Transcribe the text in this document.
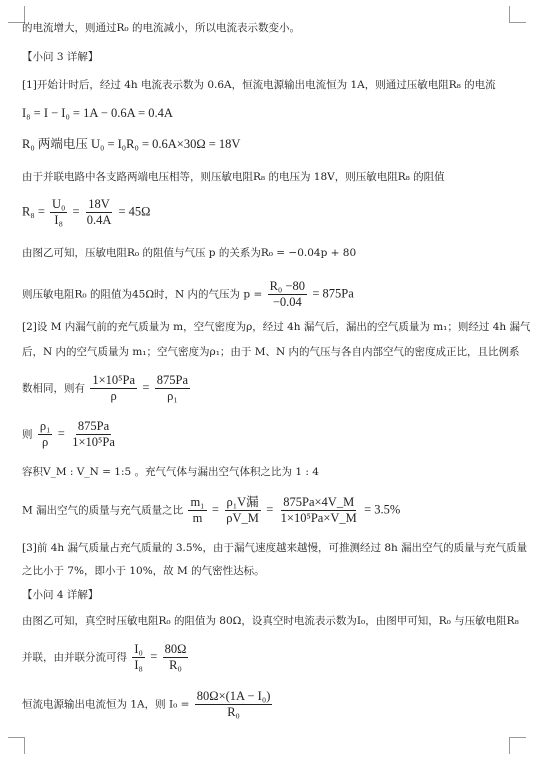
的电流增大，则通过R₀ 的电流减小，所以电流表示数变小。
【小问 3 详解】
[1]开始计时后，经过 4h 电流表示数为 0.6A，恒流电源输出电流恒为 1A，则通过压敏电阻R₈ 的电流
I₈ = I − I₀ = 1A − 0.6A = 0.4A
R₀ 两端电压 U₀ = I₀R₀ = 0.6A×30Ω = 18V
由于并联电路中各支路两端电压相等，则压敏电阻R₈ 的电压为 18V，则压敏电阻R₈ 的阻值
$R_8 = \frac{\text{U₀}}{\text{I₈}} = \frac{18V}{0.4A} = 45\Omega$
由图乙可知，压敏电阻R₀ 的阻值与气压 p 的关系为R₀ = −0.04p + 80
则压敏电阻R₀ 的阻值为45Ω时，N 内的气压为 $p = \frac{\text{R₀ −80}}{-0.04} = 875Pa$
[2]设 M 内漏气前的充气质量为 m，空气密度为ρ，经过 4h 漏气后，漏出的空气质量为 m₁；则经过 4h 漏气
后，N 内的空气质量为 m₁；空气密度为ρ₁；由于 M、N 内的气压与各自内部空气的密度成正比，且比例系
数相同，则有 $\frac{\text{1×10⁵Pa}}{\rho} = \frac{875Pa}{\text{ρ₁}}$
则 $\frac{\text{ρ₁}}{\rho} = \frac{875Pa}{\text{1×10⁵Pa}}$
容积V_M : V_N = 1:5 。充气气体与漏出空气体积之比为 1 : 4
M 漏出空气的质量与充气质量之比 $\frac{\text{m₁}}{m} = \frac{\text{ρ₁V漏}}{\rho V\_M} = \frac{875Pa\times 4V\_M}{\text{1×10⁵Pa×V\_M}} = 3.5\%$
[3]前 4h 漏气质量占充气质量的 3.5%，由于漏气速度越来越慢，可推测经过 8h 漏出空气的质量与充气质量
之比小于 7%，即小于 10%，故 M 的气密性达标。
【小问 4 详解】
由图乙可知，真空时压敏电阻R₀ 的阻值为 80Ω，设真空时电流表示数为I₀，由图甲可知，R₀ 与压敏电阻R₈
并联，由并联分流可得 $\frac{\text{I₀}}{\text{I₈}} = \frac{80\Omega}{\text{R₀}}$
恒流电源输出电流恒为 1A，则 $I_0 = \frac{\text{80Ω×(1A − I₀)}}{\text{R₀}}$
